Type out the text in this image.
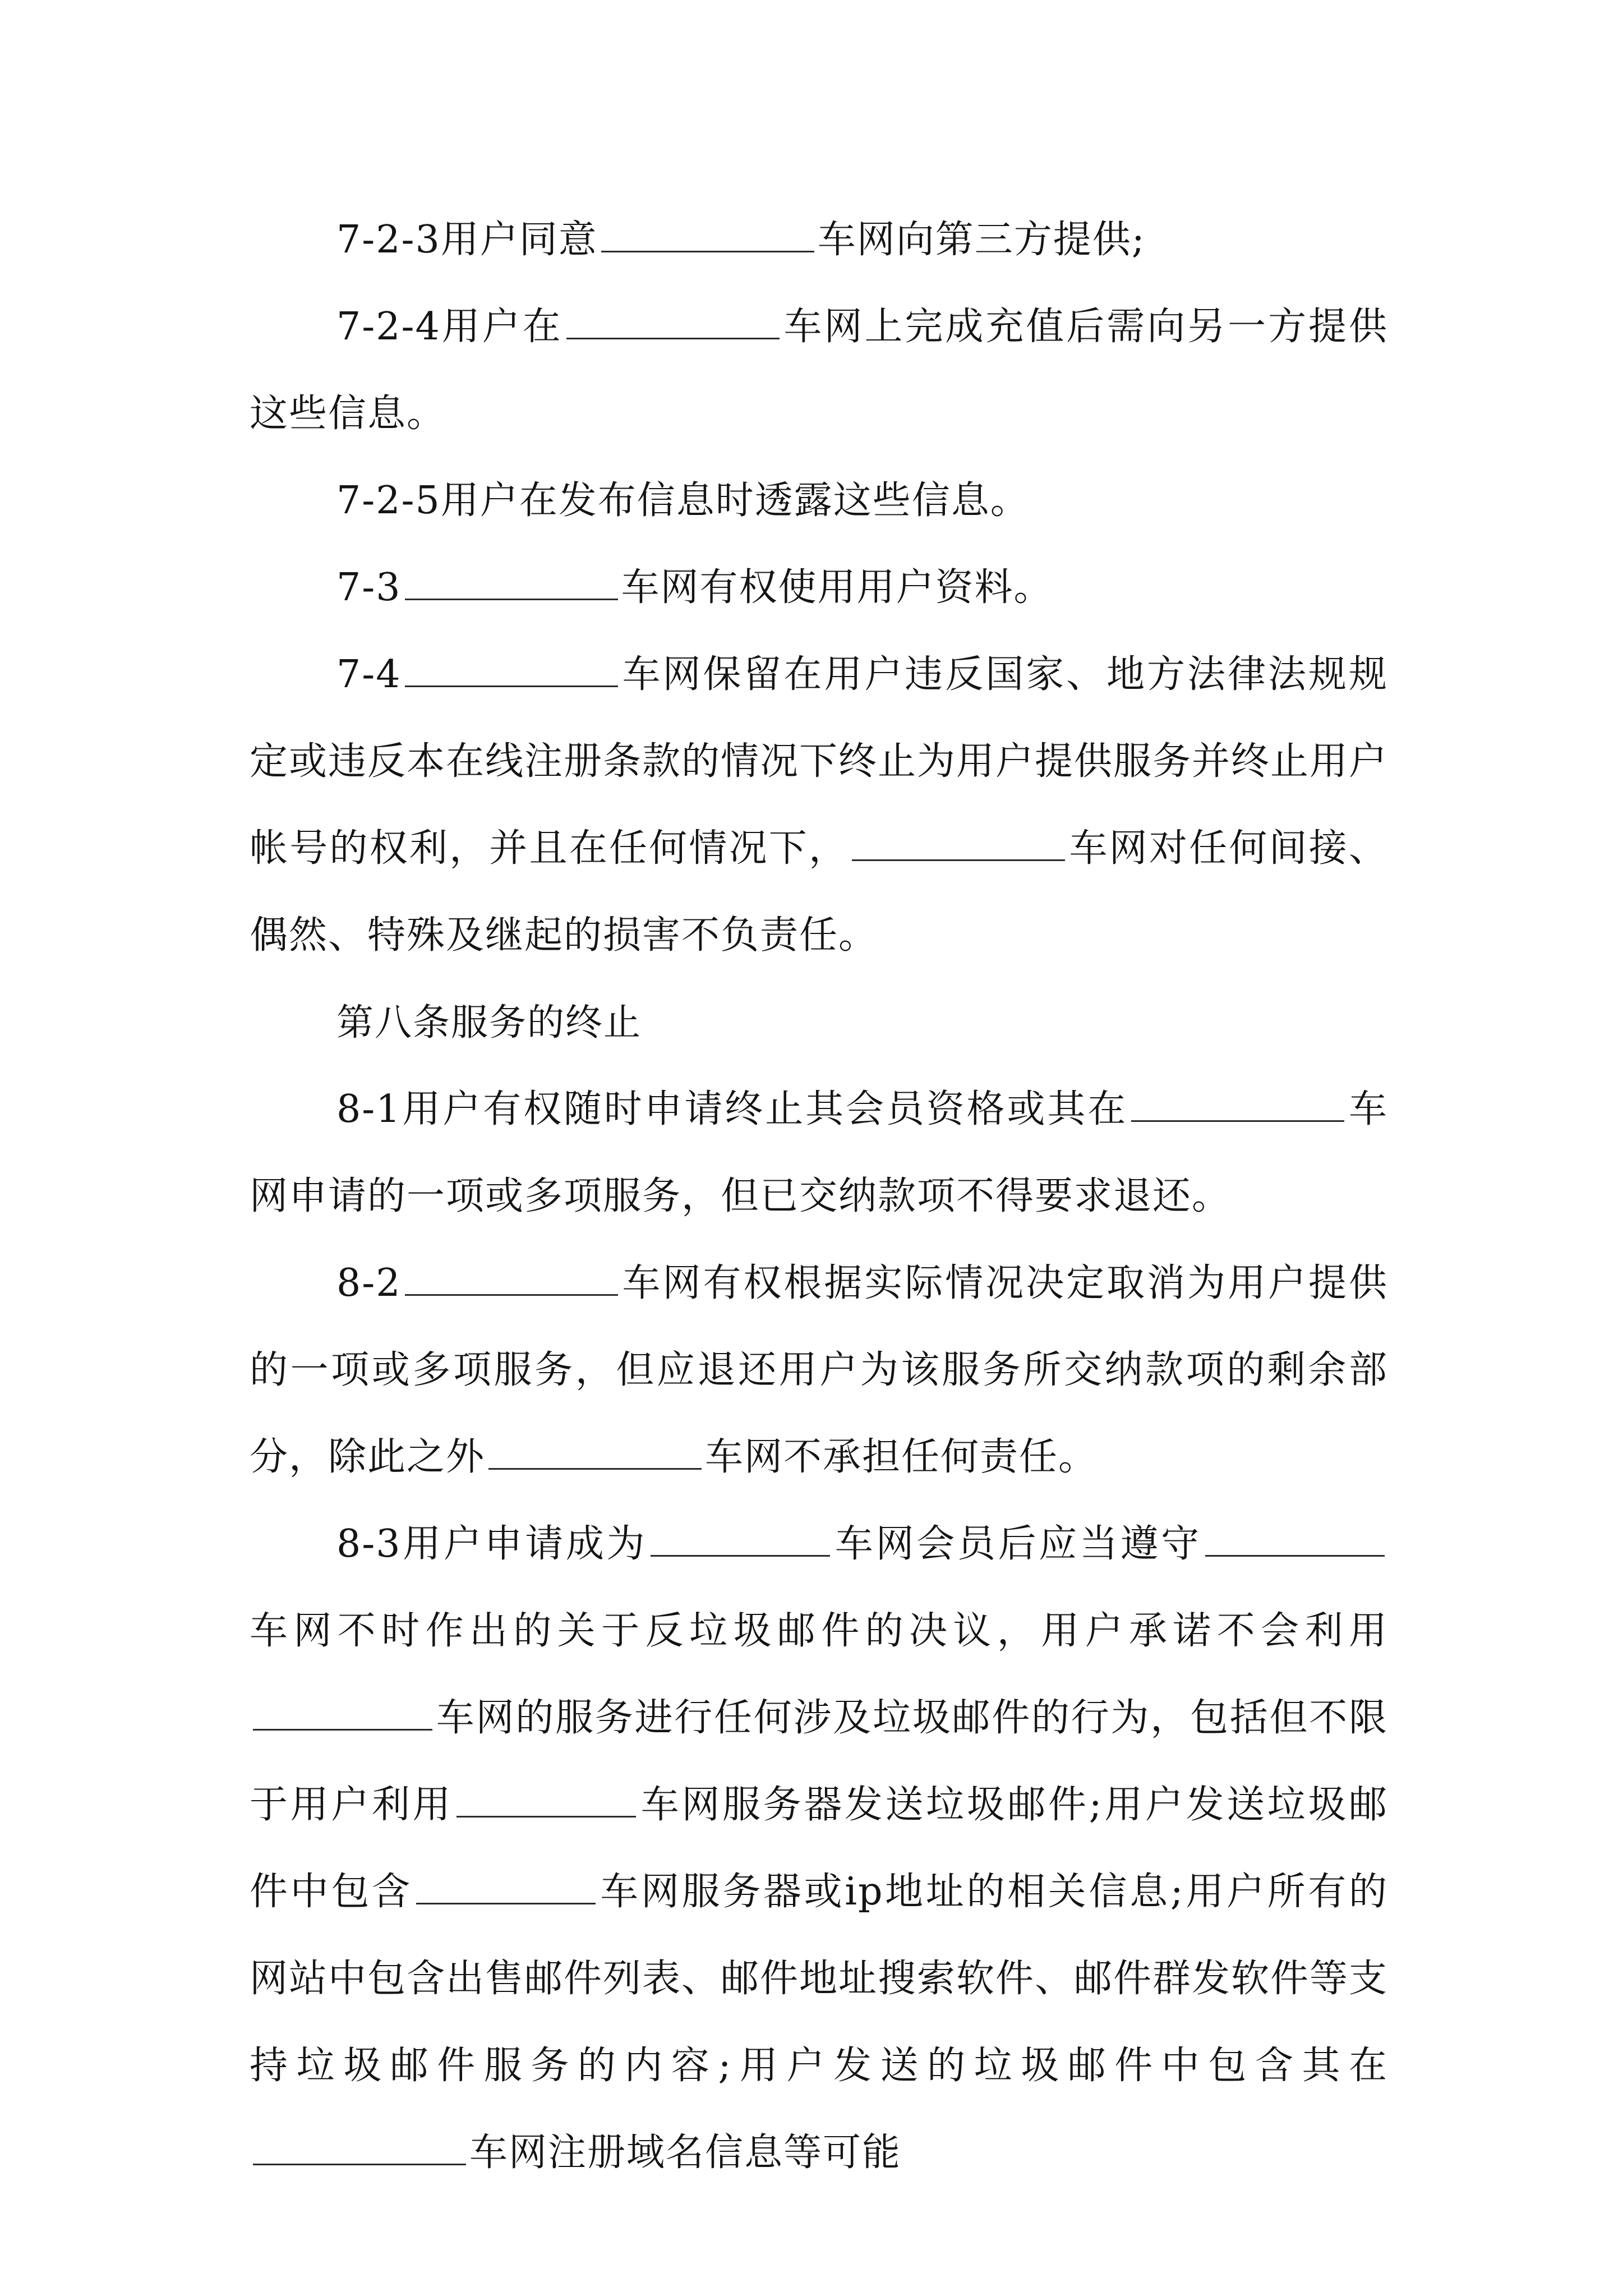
7-2-3用户同意	车网向第三方提供;

7-2-4用户在	车网上完成充值后需向另一方提供这些信息。

7-2-5用户在发布信息时透露这些信息。

7-3	车网有权使用用户资料。

7-4	车网保留在用户违反国家、地方法律法规规定或违反本在线注册条款的情况下终止为用户提供服务并终止用户帐号的权利，并且在任何情况下，	车网对任何间接、偶然、特殊及继起的损害不负责任。

第八条服务的终止

8-1用户有权随时申请终止其会员资格或其在	车网申请的一项或多项服务，但已交纳款项不得要求退还。

8-2	车网有权根据实际情况决定取消为用户提供的一项或多项服务，但应退还用户为该服务所交纳款项的剩余部分，除此之外	车网不承担任何责任。

8-3用户申请成为	车网会员后应当遵守车网不时作出的关于反垃圾邮件的决议，用户承诺不会利用车网的服务进行任何涉及垃圾邮件的行为，包括但不限于用户利用	车网服务器发送垃圾邮件;用户发送垃圾邮件中包含	车网服务器或ip地址的相关信息;用户所有的网站中包含出售邮件列表、邮件地址搜索软件、邮件群发软件等支持垃圾邮件服务的内容;用户发送的垃圾邮件中包含其在车网注册域名信息等可能
